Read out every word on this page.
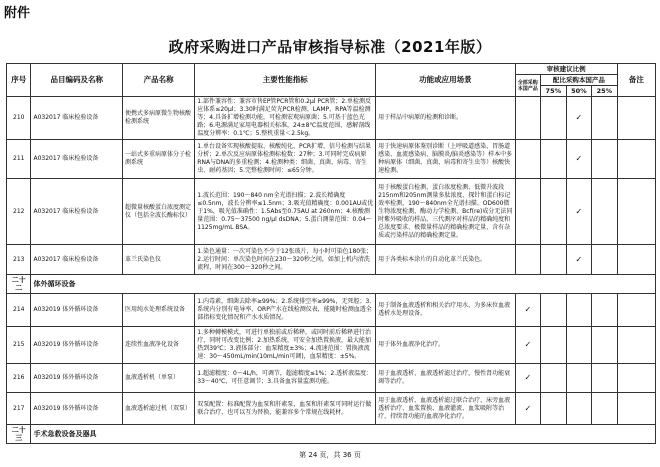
附件
政府采购进口产品审核指导标准（2021年版）
序号	品目编码及名称	产品名称	主要性能指标	功能或应用场景	审核建议比例				备注
					全部采购本国产品	配比采购本国产品			
						75%	50%	25%	
210	A032017 临床检验设备	便携式多病原微生物核酸检测系统	1.部件兼容性：兼容市售EP管PCR管和0.2μl PCR管；2.单检测反应体系≤20μl；3.30时满足荧光PCR检测、LAMP、RPA等温检测等；4.具备扩增检测功能，可检测宏观病原菌；5.可基于蓝色光路；6.电源满足家用电器相关标准，24±8℃温度范围，感解剖线温度分辨率：0.1℃；5.整机重量＜2.5kg。	用于样品中病原的检测和诊断。			✓		
211	A032017 临床检验设备	一站式多重病原体分子检测系统	1.单台设备实现核酸提取、核酸纯化、PCR扩增、信号检测与结果分析；2.单次反应病原体检测标检数：27种；3.可同时完成病原RNA与DNA的多重检测；4.检测种类：细菌、真菌、病毒、寄生虫、耐药基因；5.完整检测时间：≤65分钟。	用于快速病原体鉴别诊断（上呼吸道感染、胃肠道感染、血流感染病、脑膜炎/脑炎感染等）样本中多种病原体（细菌、真菌、病毒和寄生虫等）核酸快速检测。			✓		
212	A032017 临床检验设备	超微量核酸蛋白浓度测定仪（包括全波长酶标仪）	1.波长范围：190～840 nm全光谱扫描；2.波长精确度≤0.5nm，波长分辨率≤1.5nm；3.吸光值精确度：0.001AU或优于1%，吸光值准确性：1.5Abs至0.75AU at 260nm；4.核酸测量范围：0.75～37500 ng/μl dsDNA；5.蛋白测量范围：0.04～1125mg/mL BSA。	用于核酸蛋白检测、蛋白浓度检测、低微升波段215nm和205nm测量多肽浓度、探针和蛋白标记效率检测，190～840nm全光谱扫描、OD600微生物浓度检测、酶动力学检测、Bcf(re)成分无法同时紫外吸收的样品，三代测序对样品的精确纯度和总浓度要求、极微量样品的精确检测定量、含有杂质或污染样品的精确检测定量。			✓		
213	A032017 临床检验设备	革兰氏染色仪	1.染色通量：一次可染色不少于12张玻片，每小时可染色180张；2.运行时间：单次染色时间在230～320秒之间，如加上机内清洗流程，时间在300～320秒之间。	用于各类标本涂片的自动化革兰氏染色。			✓		
二十二	体外循环设备								
214	A032019 体外循环设备	医用纯水处理系统设备	1.内毒素，细菌去除率≥99%；2.系统排空率≥99%，无死腔；3.系统内分别有电导率、ORP产水在线检测仪表，能随时检测血透全部指标变化情况和产水水质情况。	用于制备血液透析和相关治疗用水，为多床位血液透析水处理设备。	✓				
215	A032019 体外循环设备	连续性血液净化设备	1.多种轉模模式，可进行单独前或后稀释，或同时前后稀释进行治疗，同时可改变比例；2.加热系统，可安全加热置换液，最大能加热到39℃；3.液体部分：血泵精度±3%；4.流速范围：置换液流速：30～450mL/min(10mL/min可调)，血泵精度：±5%。	用于体外血液净化治疗。	✓				
216	A032019 体外循环设备	血液透析机（单泵）	1.超滤精度：0～4L/h，可调节，超滤精度≤1%；2.透析液温度：33～40℃，可任意调节；3.具备血容量监测功能。	用于血液透析、血液透析滤过治疗，慢性肾功能衰竭等治疗。	✓				
217	A032019 体外循环设备	血液透析滤过机（双泵）	双泵配置：标准配置为血泵和肝素泵，血泵和肝素泵可同时运行做联合治疗，也可以互为替换，能兼容多个常规在线耗材。	用于血液透析、血液透析滤过联合治疗，床旁血液透析治疗、血浆置换、血液灌流、血浆吸附等治疗，持续肾功能的血液净化治疗。	✓				
二十三	手术急救设备及器具								
第 24 页，共 36 页
